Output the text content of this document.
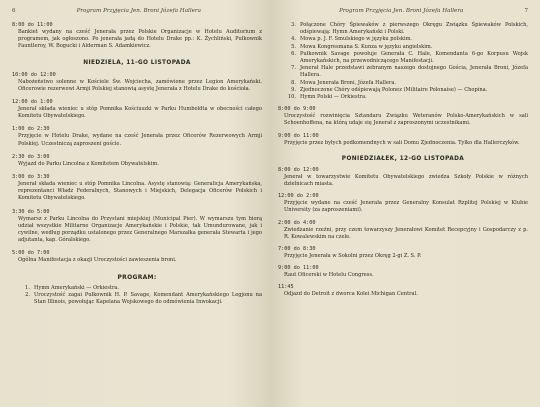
6	Program Przyjęcia Jen. Broni Józefa Hallera
8:00 do 11:00

Bankiet wydany na cześć Jenerała przez Polskie Organizacje w Hotelu Auditorium z programem, jak ogłoszono. Po jenerała jadą do Hotelu Drake pp.: K. Żychliński, Pułkownik Fauntleroy, W. Bogucki i Alderman S. Adamkiewicz.

NIEDZIELA, 11-GO LISTOPADA
10:00 do 12:00

Nabożeństwo solenne w Kościele Św. Wojciecha, zamówione przez Legion Amerykański. Oficerowie rezerwowi Armji Polskiej stanowią asystę Jenerała z Hotelu Drake do kościoła.

12:00 do 1:00

Jenerał składa wieniec u stóp Pomnika Kościuszki w Parku Humboldta w obecności całego Komitetu Obywatelskiego.

1:00 do 2:30

Przyjęcie w Hotelu Drake, wydane na cześć Jenerała przez Oficerów Rezerwowych Armji Polskiej. Uczestniczą zaproszeni goście.

2:30 do 3:00

Wyjazd do Parku Lincolna z Komitetem Obywatelskim.

3:00 do 3:30

Jenerał składa wieniec u stóp Pomnika Lincolna. Asystę stanowią: Generalicja Amerykańska, reprezentanci Władz Federalnych, Stanowych i Miejskich, Delegacja Oficerów Polskich i Komitetu Obywatelskiego.

3:30 do 5:00

Wymarsz z Parku Lincolna do Przystani miejskiej (Municipal Pier). W wymarszu tym biorą udział wszystkie Militarne Organizacje Amerykańskie i Polskie, tak Umundurowane, jak i cywilne, według porządku ustalonego przez Generalnego Marszałka generała Stewarta i jego adjutanta, kap. Góralskiego.

5:00 do 7:00

Ogólna Manifestacja z okazji Uroczystości zawieszenia broni.

PROGRAM:
1. Hymn Amerykański — Orkiestra.
2. Uroczystość zagai Pułkownik H. P. Savage, Komendant Amerykańskiego Legjonu na Stan Illinois, powołując Kapelana Wojskowego do odmówienia Inwokacji.
Program Przyjęcia Jen. Broni Józefa Hallera	7
3. Połączone Chóry Śpiewaków z pierwszego Okręgu Związku Śpiewaków Polskich, odśpiewają: Hymn Amerykański i Polski.
4. Mowa p. J. F. Smulskiego w języku polskim.
5. Mowa Kongresmana S. Kunza w języku angielskim.
6. Pułkownik Savage powołuje Generała C. Hale, Komendanta 6-go Korpusu Wojsk Amerykańskich, na przewodniczącego Manifestacji.
7. Jenerał Hale przedstawi zebranym naszego dostojnego Gościa, Jenerała Broni, Józefa Hallera.
8. Mowa Jenerała Broni, Józefa Hallera.
9. Zjednoczone Chóry odśpiewają Polonez (Militaire Polonaise) — Chopina.
10. Hymn Polski — Orkiestra.
8:00 do 9:00

Uroczystość rozwinięcia Sztandaru Związku Weteranów Polsko-Amerykańskich w sali Schoenhoffena, na którą udaje się Jenerał z zaproszonymi uczestnikami.

9:00 do 11:00

Przyjęcie przez byłych podkomendnych w sali Domu Zjednoczenia. Tylko dla Hallerczyków.

PONIEDZIAŁEK, 12-GO LISTOPADA
8:00 do 12:00

Jenerał w towarzystwie Komitetu Obywatelskiego zwiedza Szkoły Polskie w różnych dzielnicach miasta.

12:00 do 2:00

Przyjęcie wydane na cześć Jenerała przez Generalny Konsulat Rzplitej Polskiej w Klubie University (za zaproszeniami).

2:00 do 4:00

Zwiedzanie rzeźni, przy czem towarzyszy Jenerałowi Komitet Recepcyjny i Gospodarczy z p. R. Kowalewskim na czele.

7:00 do 8:30

Przyjęcie Jenerała w Sokolni przez Okręg 2-gi Z. S. P.

9:00 do 11:00

Raut Oficerski w Hotelu Congress.

11:45

Odjazd do Detroit z dworca Kolei Michigan Central.
